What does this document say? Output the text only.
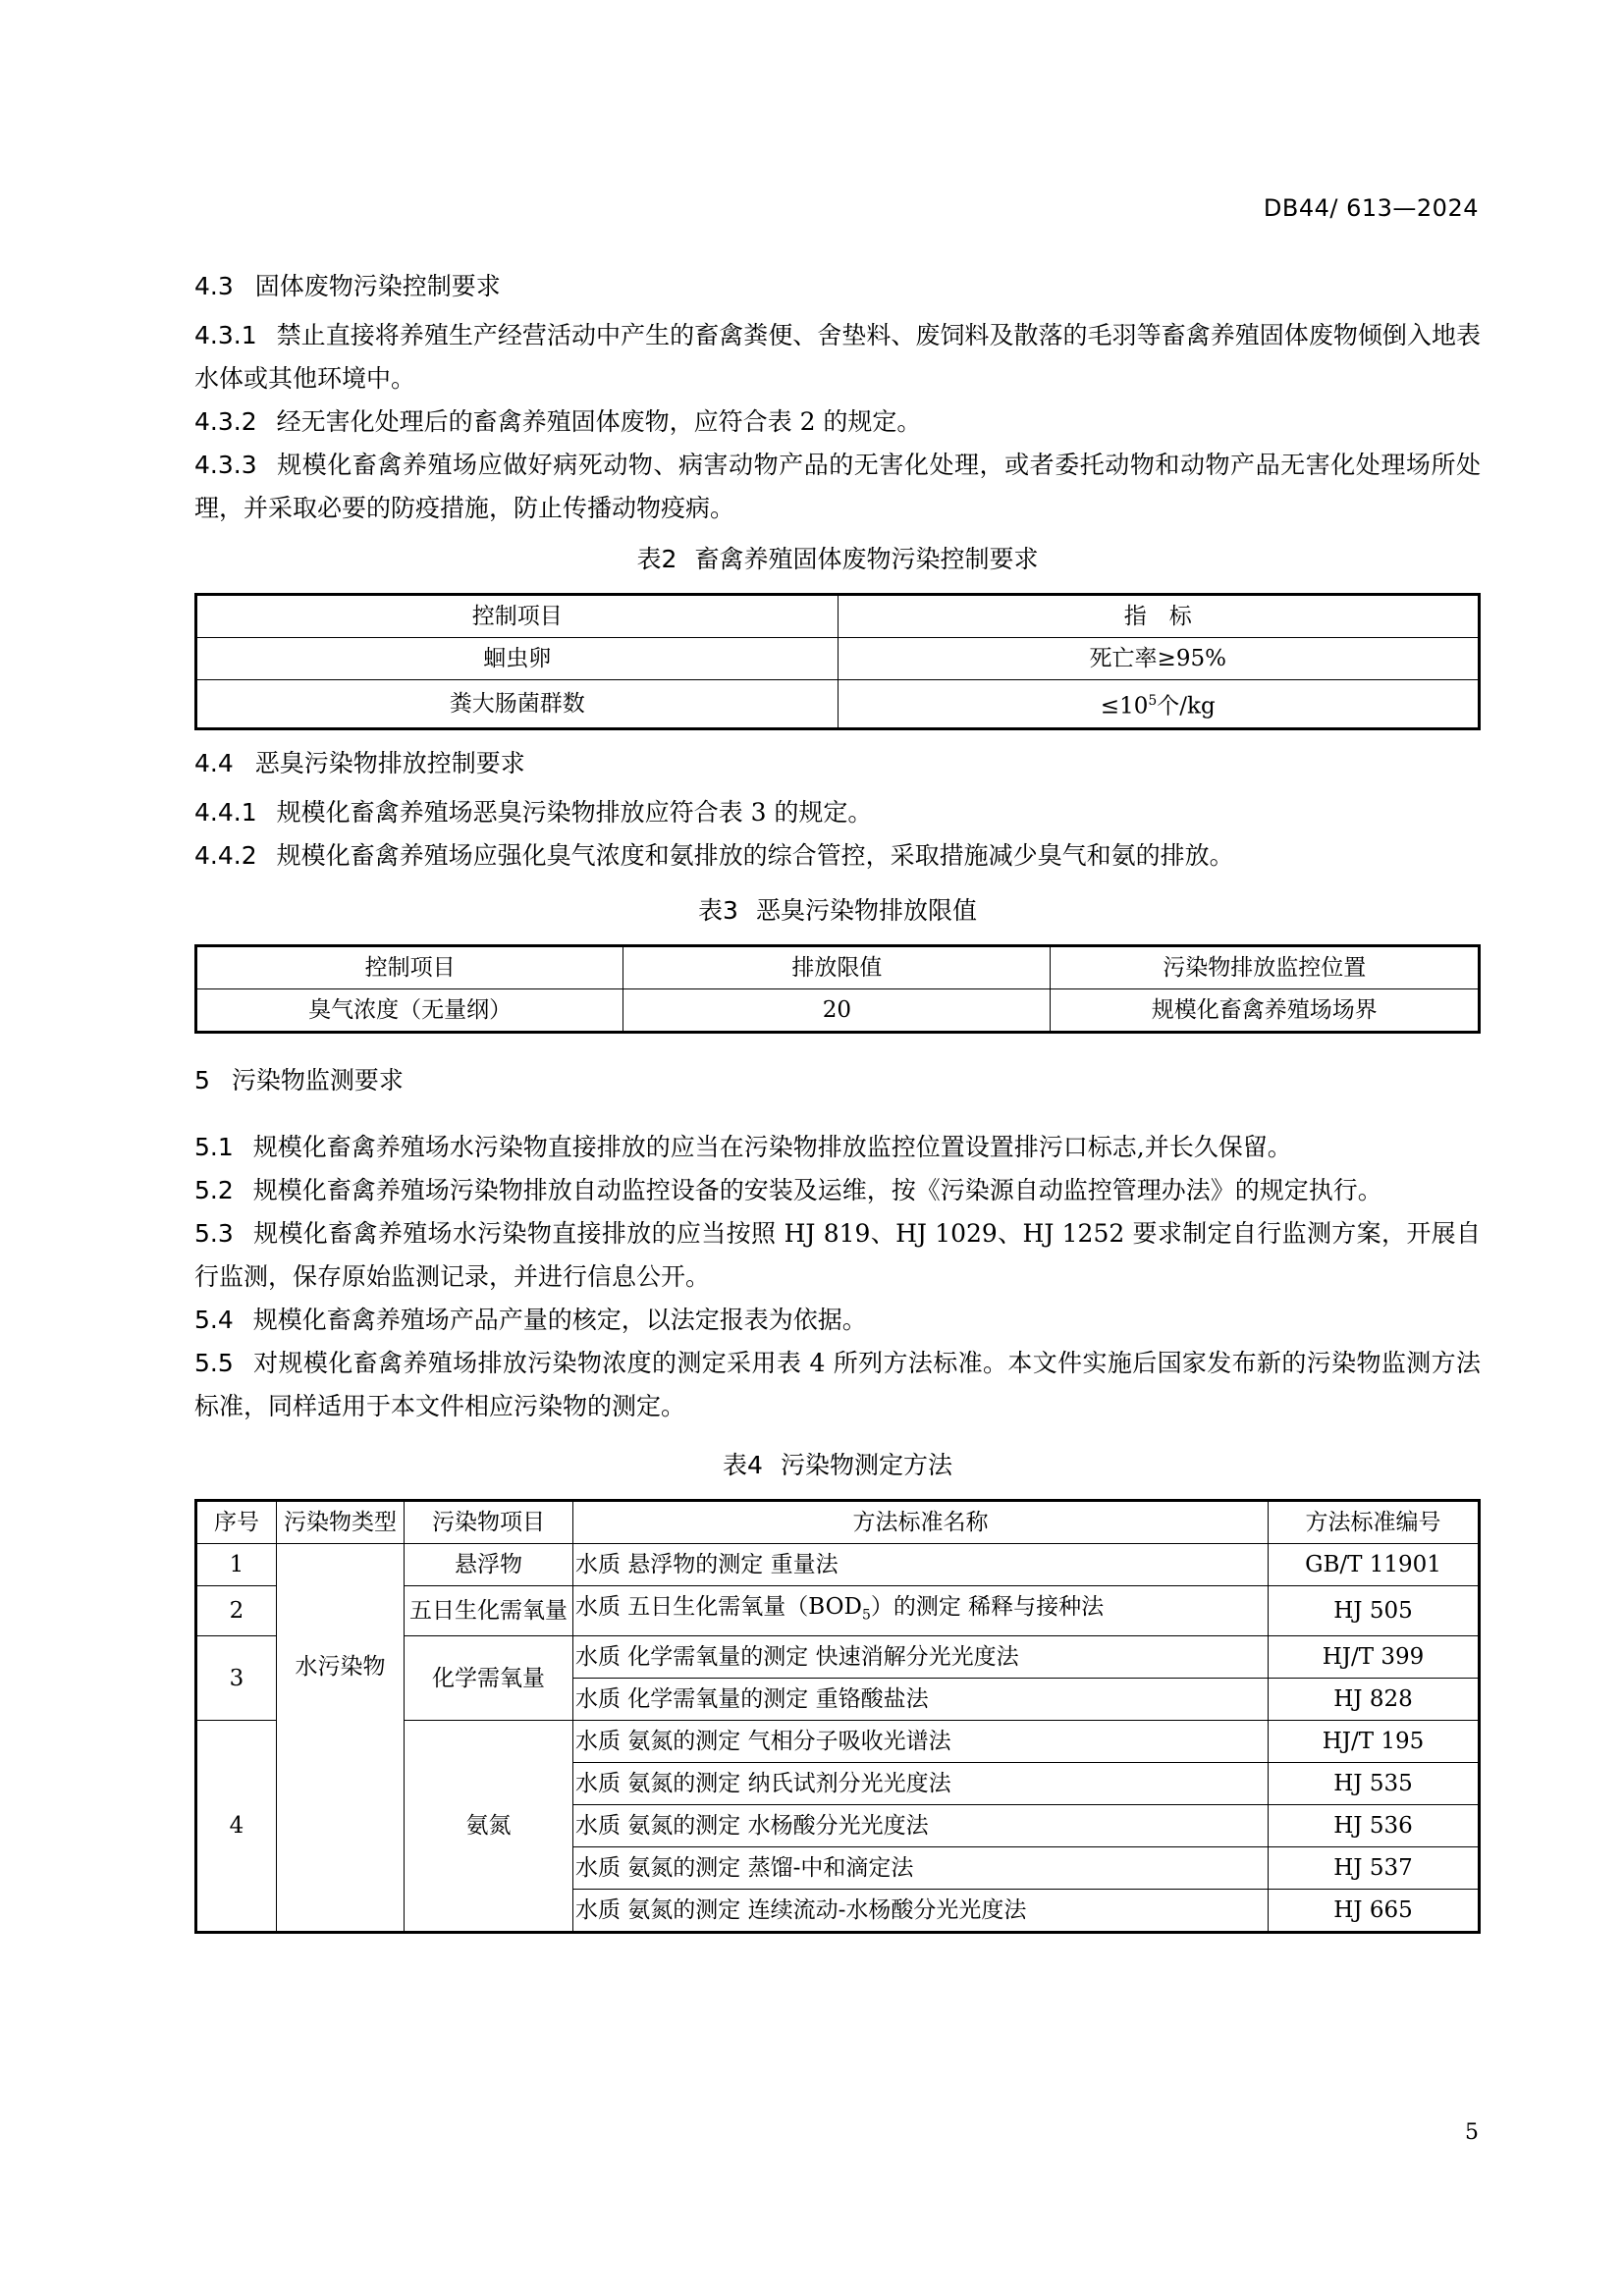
DB44/ 613—2024
4.3 固体废物污染控制要求
4.3.1 禁止直接将养殖生产经营活动中产生的畜禽粪便、舍垫料、废饲料及散落的毛羽等畜禽养殖固体废物倾倒入地表水体或其他环境中。
4.3.2 经无害化处理后的畜禽养殖固体废物，应符合表 2 的规定。
4.3.3 规模化畜禽养殖场应做好病死动物、病害动物产品的无害化处理，或者委托动物和动物产品无害化处理场所处理，并采取必要的防疫措施，防止传播动物疫病。
表2 畜禽养殖固体废物污染控制要求
控制项目	指　标
蛔虫卵	死亡率≥95%
粪大肠菌群数	$\le 10^5$个/kg
4.4 恶臭污染物排放控制要求
4.4.1 规模化畜禽养殖场恶臭污染物排放应符合表 3 的规定。
4.4.2 规模化畜禽养殖场应强化臭气浓度和氨排放的综合管控，采取措施减少臭气和氨的排放。
表3 恶臭污染物排放限值
控制项目	排放限值	污染物排放监控位置
臭气浓度（无量纲）	20	规模化畜禽养殖场场界
5 污染物监测要求
5.1 规模化畜禽养殖场水污染物直接排放的应当在污染物排放监控位置设置排污口标志,并长久保留。
5.2 规模化畜禽养殖场污染物排放自动监控设备的安装及运维，按《污染源自动监控管理办法》的规定执行。
5.3 规模化畜禽养殖场水污染物直接排放的应当按照 HJ 819、HJ 1029、HJ 1252 要求制定自行监测方案，开展自行监测，保存原始监测记录，并进行信息公开。
5.4 规模化畜禽养殖场产品产量的核定，以法定报表为依据。
5.5 对规模化畜禽养殖场排放污染物浓度的测定采用表 4 所列方法标准。本文件实施后国家发布新的污染物监测方法标准，同样适用于本文件相应污染物的测定。
表4 污染物测定方法
序号	污染物类型	污染物项目	方法标准名称	方法标准编号
1	水污染物	悬浮物	水质 悬浮物的测定 重量法	GB/T 11901
2		五日生化需氧量	水质 五日生化需氧量$(BOD_5)$的测定 稀释与接种法	HJ 505
3		化学需氧量	水质 化学需氧量的测定 快速消解分光光度法	HJ/T 399
			水质 化学需氧量的测定 重铬酸盐法	HJ 828
4		氨氮	水质 氨氮的测定 气相分子吸收光谱法	HJ/T 195
			水质 氨氮的测定 纳氏试剂分光光度法	HJ 535
			水质 氨氮的测定 水杨酸分光光度法	HJ 536
			水质 氨氮的测定 蒸馏-中和滴定法	HJ 537
			水质 氨氮的测定 连续流动-水杨酸分光光度法	HJ 665
5
